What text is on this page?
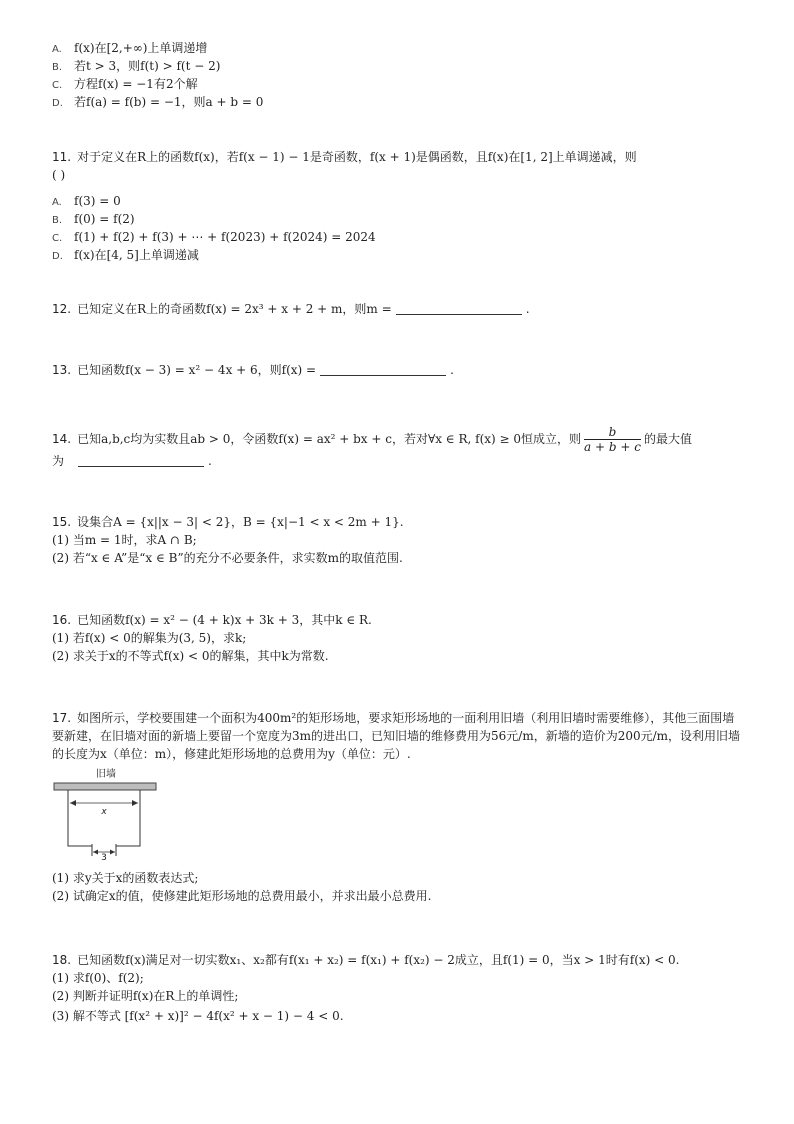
A. f(x)在[2,+∞)上单调递增
B. 若t > 3，则f(t) > f(t − 2)
C. 方程f(x) = −1有2个解
D. 若f(a) = f(b) = −1，则a + b = 0
11. 对于定义在R上的函数f(x)，若f(x − 1) − 1是奇函数，f(x + 1)是偶函数，且f(x)在[1, 2]上单调递减，则
( )
A. f(3) = 0
B. f(0) = f(2)
C. f(1) + f(2) + f(3) + ⋯ + f(2023) + f(2024) = 2024
D. f(x)在[4, 5]上单调递减
12. 已知定义在R上的奇函数f(x) = 2x³ + x + 2 + m，则m =	.
13. 已知函数f(x − 3) = x² − 4x + 6，则f(x) =	.
14. 已知a,b,c均为实数且ab > 0，令函数f(x) = ax² + bx + c，若对∀x ∈ R, f(x) ≥ 0恒成立，则 $\frac{b}{a + b + c}$ 的最大值
为	.
15. 设集合A = {x||x − 3| < 2}，B = {x|−1 < x < 2m + 1}.
(1) 当m = 1时，求A ∩ B;
(2) 若“x ∈ A”是“x ∈ B”的充分不必要条件，求实数m的取值范围.
16. 已知函数f(x) = x² − (4 + k)x + 3k + 3，其中k ∈ R.
(1) 若f(x) < 0的解集为(3, 5)，求k;
(2) 求关于x的不等式f(x) < 0的解集，其中k为常数.
17. 如图所示，学校要围建一个面积为400m²的矩形场地，要求矩形场地的一面利用旧墙（利用旧墙时需要维修），其他三面围墙
要新建，在旧墙对面的新墙上要留一个宽度为3m的进出口，已知旧墙的维修费用为56元/m，新墙的造价为200元/m，设利用旧墙
的长度为x（单位：m），修建此矩形场地的总费用为y（单位：元）.
旧墙
x
3
(1) 求y关于x的函数表达式;
(2) 试确定x的值，使修建此矩形场地的总费用最小，并求出最小总费用.
18. 已知函数f(x)满足对一切实数x₁、x₂都有f(x₁ + x₂) = f(x₁) + f(x₂) − 2成立，且f(1) = 0，当x > 1时有f(x) < 0.
(1) 求f(0)、f(2);
(2) 判断并证明f(x)在R上的单调性;
(3) 解不等式 [f(x² + x)]² − 4f(x² + x − 1) − 4 < 0.
